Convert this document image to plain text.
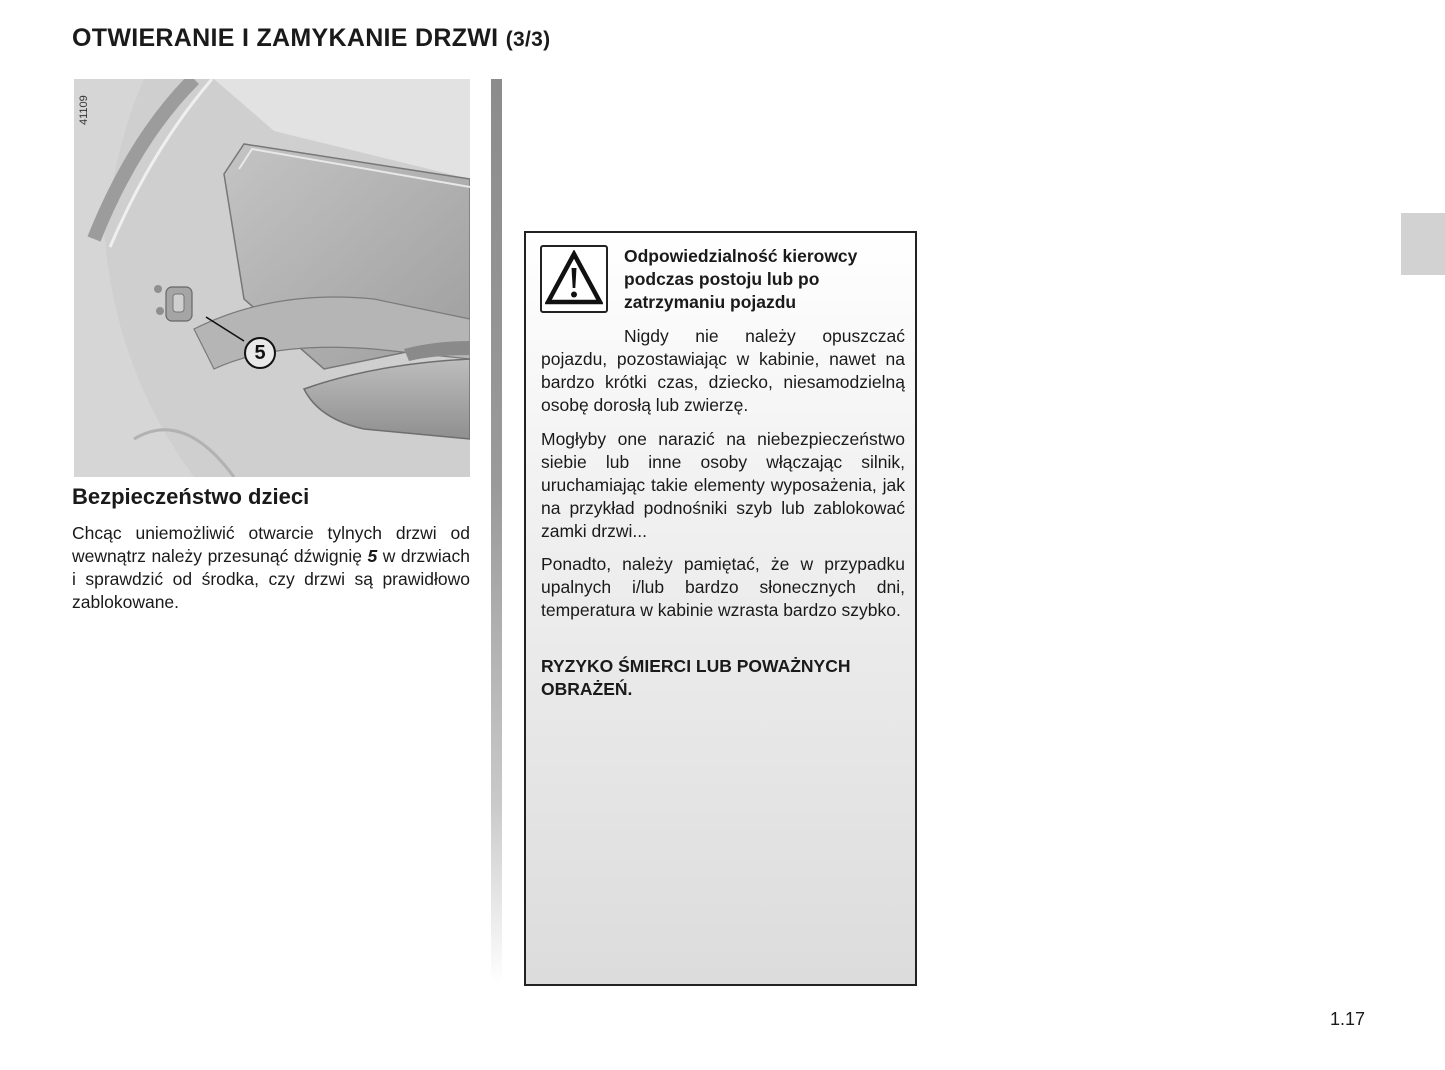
OTWIERANIE I ZAMYKANIE DRZWI (3/3)
41109
5
Bezpieczeństwo dzieci

Chcąc uniemożliwić otwarcie tylnych drzwi od wewnątrz należy przesunąć dźwignię 5 w drzwiach i sprawdzić od środka, czy drzwi są prawidłowo zablokowane.

Odpowiedzialność kierowcy podczas postoju lub po zatrzymaniu pojazdu

Nigdy nie należy opuszczać pojazdu, pozostawiając w kabinie, nawet na bardzo krótki czas, dziecko, niesamodzielną osobę dorosłą lub zwierzę.

Mogłyby one narazić na niebezpieczeństwo siebie lub inne osoby włączając silnik, uruchamiając takie elementy wyposażenia, jak na przykład podnośniki szyb lub zablokować zamki drzwi...

Ponadto, należy pamiętać, że w przypadku upalnych i/lub bardzo słonecznych dni, temperatura w kabinie wzrasta bardzo szybko.

RYZYKO ŚMIERCI LUB POWAŻNYCH OBRAŻEŃ.

1.17
